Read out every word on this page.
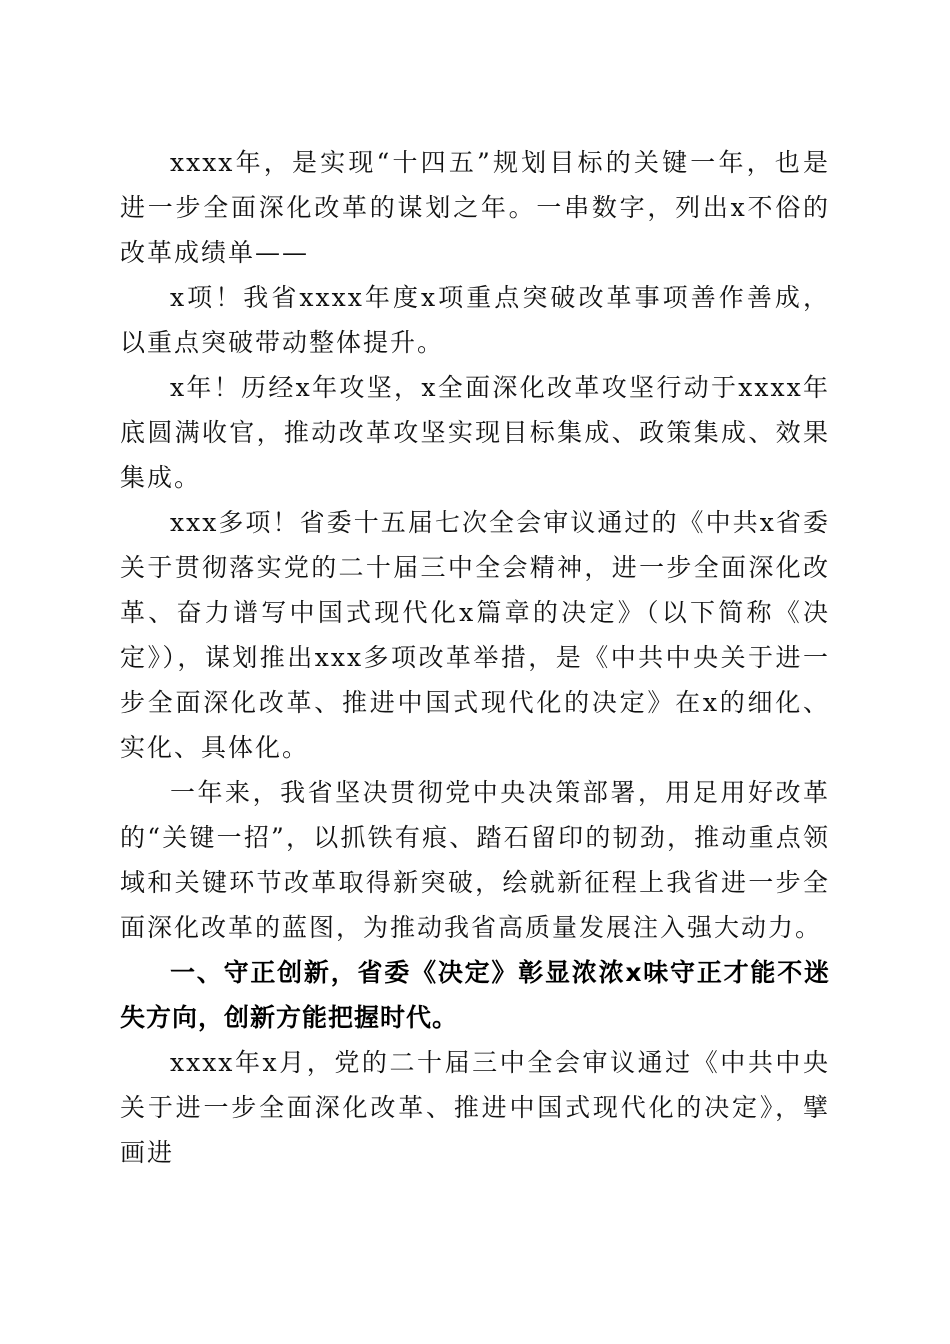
xxxx年，是实现“十四五”规划目标的关键一年，也是进一步全面深化改革的谋划之年。一串数字，列出x不俗的改革成绩单——

x项！我省xxxx年度x项重点突破改革事项善作善成，以重点突破带动整体提升。

x年！历经x年攻坚，x全面深化改革攻坚行动于xxxx年底圆满收官，推动改革攻坚实现目标集成、政策集成、效果集成。

xxx多项！省委十五届七次全会审议通过的《中共x省委关于贯彻落实党的二十届三中全会精神，进一步全面深化改革、奋力谱写中国式现代化x篇章的决定》（以下简称《决定》），谋划推出xxx多项改革举措，是《中共中央关于进一步全面深化改革、推进中国式现代化的决定》在x的细化、实化、具体化。

一年来，我省坚决贯彻党中央决策部署，用足用好改革的“关键一招”，以抓铁有痕、踏石留印的韧劲，推动重点领域和关键环节改革取得新突破，绘就新征程上我省进一步全面深化改革的蓝图，为推动我省高质量发展注入强大动力。

一、守正创新，省委《决定》彰显浓浓x味守正才能不迷失方向，创新方能把握时代。

xxxx年x月，党的二十届三中全会审议通过《中共中央关于进一步全面深化改革、推进中国式现代化的决定》，擘画进
